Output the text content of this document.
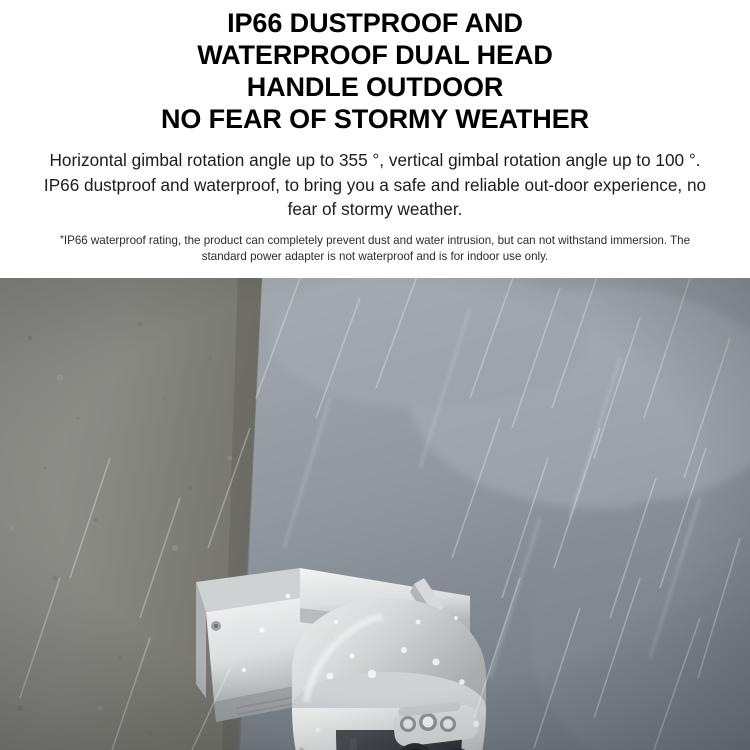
IP66 DUSTPROOF AND
WATERPROOF DUAL HEAD
HANDLE OUTDOOR
NO FEAR OF STORMY WEATHER

Horizontal gimbal rotation angle up to 355 °, vertical gimbal rotation angle up to 100 °. IP66 dustproof and waterproof, to bring you a safe and reliable out-door experience, no fear of stormy weather.

*IP66 waterproof rating, the product can completely prevent dust and water intrusion, but can not withstand immersion. The standard power adapter is not waterproof and is for indoor use only.
